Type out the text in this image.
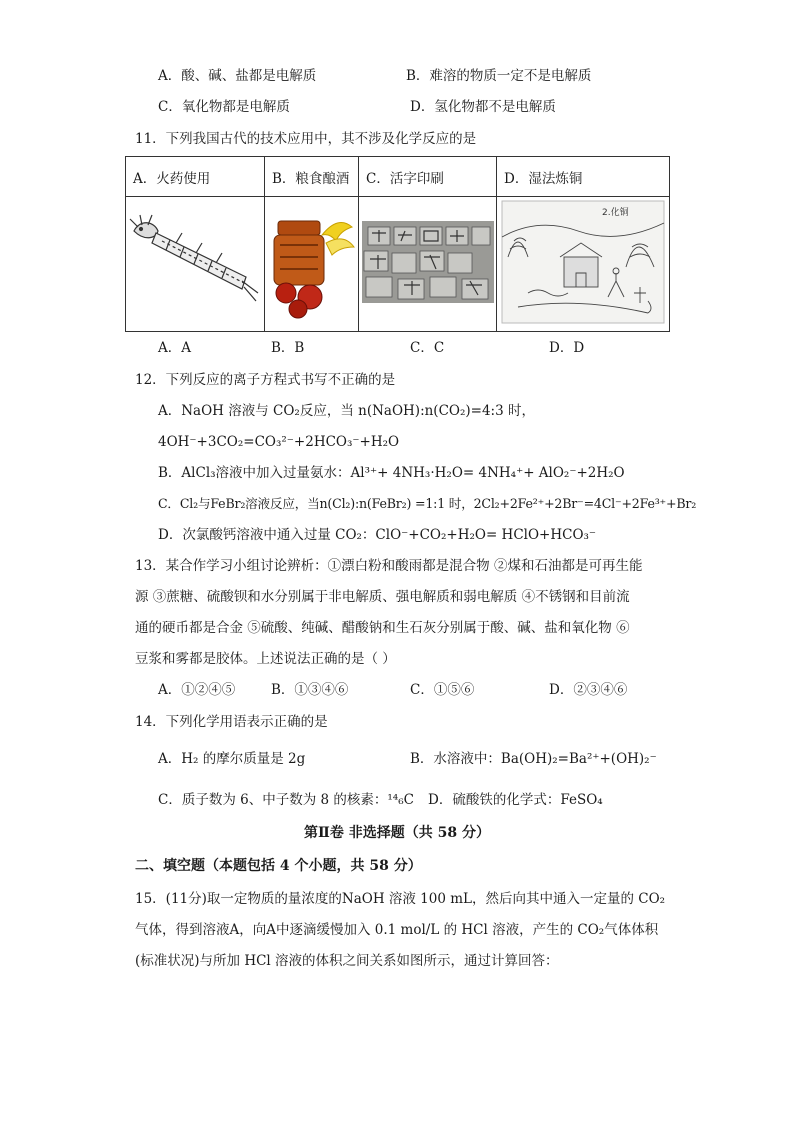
A．酸、碱、盐都是电解质	B．难溶的物质一定不是电解质
C．氧化物都是电解质	D．氢化物都不是电解质
11．下列我国古代的技术应用中，其不涉及化学反应的是
A．火药使用	B．粮食酿酒	C．活字印刷	D．湿法炼铜

2.化铜
A．A	B．B	C．C	D．D
12．下列反应的离子方程式书写不正确的是
A．NaOH 溶液与 CO₂反应，当 n(NaOH):n(CO₂)=4:3 时，
4OH⁻+3CO₂=CO₃²⁻+2HCO₃⁻+H₂O
B．AlCl₃溶液中加入过量氨水：Al³⁺+ 4NH₃·H₂O= 4NH₄⁺+ AlO₂⁻+2H₂O
C．Cl₂与FeBr₂溶液反应，当n(Cl₂):n(FeBr₂) =1:1 时，2Cl₂+2Fe²⁺+2Br⁻=4Cl⁻+2Fe³⁺+Br₂
D．次氯酸钙溶液中通入过量 CO₂：ClO⁻+CO₂+H₂O= HClO+HCO₃⁻
13．某合作学习小组讨论辨析：①漂白粉和酸雨都是混合物 ②煤和石油都是可再生能
源 ③蔗糖、硫酸钡和水分别属于非电解质、强电解质和弱电解质 ④不锈钢和目前流
通的硬币都是合金 ⑤硫酸、纯碱、醋酸钠和生石灰分别属于酸、碱、盐和氧化物 ⑥
豆浆和雾都是胶体。上述说法正确的是（ ）
A．①②④⑤	B．①③④⑥	C．①⑤⑥	D．②③④⑥
14．下列化学用语表示正确的是
A．H₂ 的摩尔质量是 2g	B．水溶液中：Ba(OH)₂=Ba²⁺+(OH)₂⁻
C．质子数为 6、中子数为 8 的核素：¹⁴₆C D．硫酸铁的化学式：FeSO₄
第Ⅱ卷 非选择题（共 58 分）
二、填空题（本题包括 4 个小题，共 58 分）
15．(11分)取一定物质的量浓度的NaOH 溶液 100 mL，然后向其中通入一定量的 CO₂
气体，得到溶液A，向A中逐滴缓慢加入 0.1 mol/L 的 HCl 溶液，产生的 CO₂气体体积
(标准状况)与所加 HCl 溶液的体积之间关系如图所示，通过计算回答：
